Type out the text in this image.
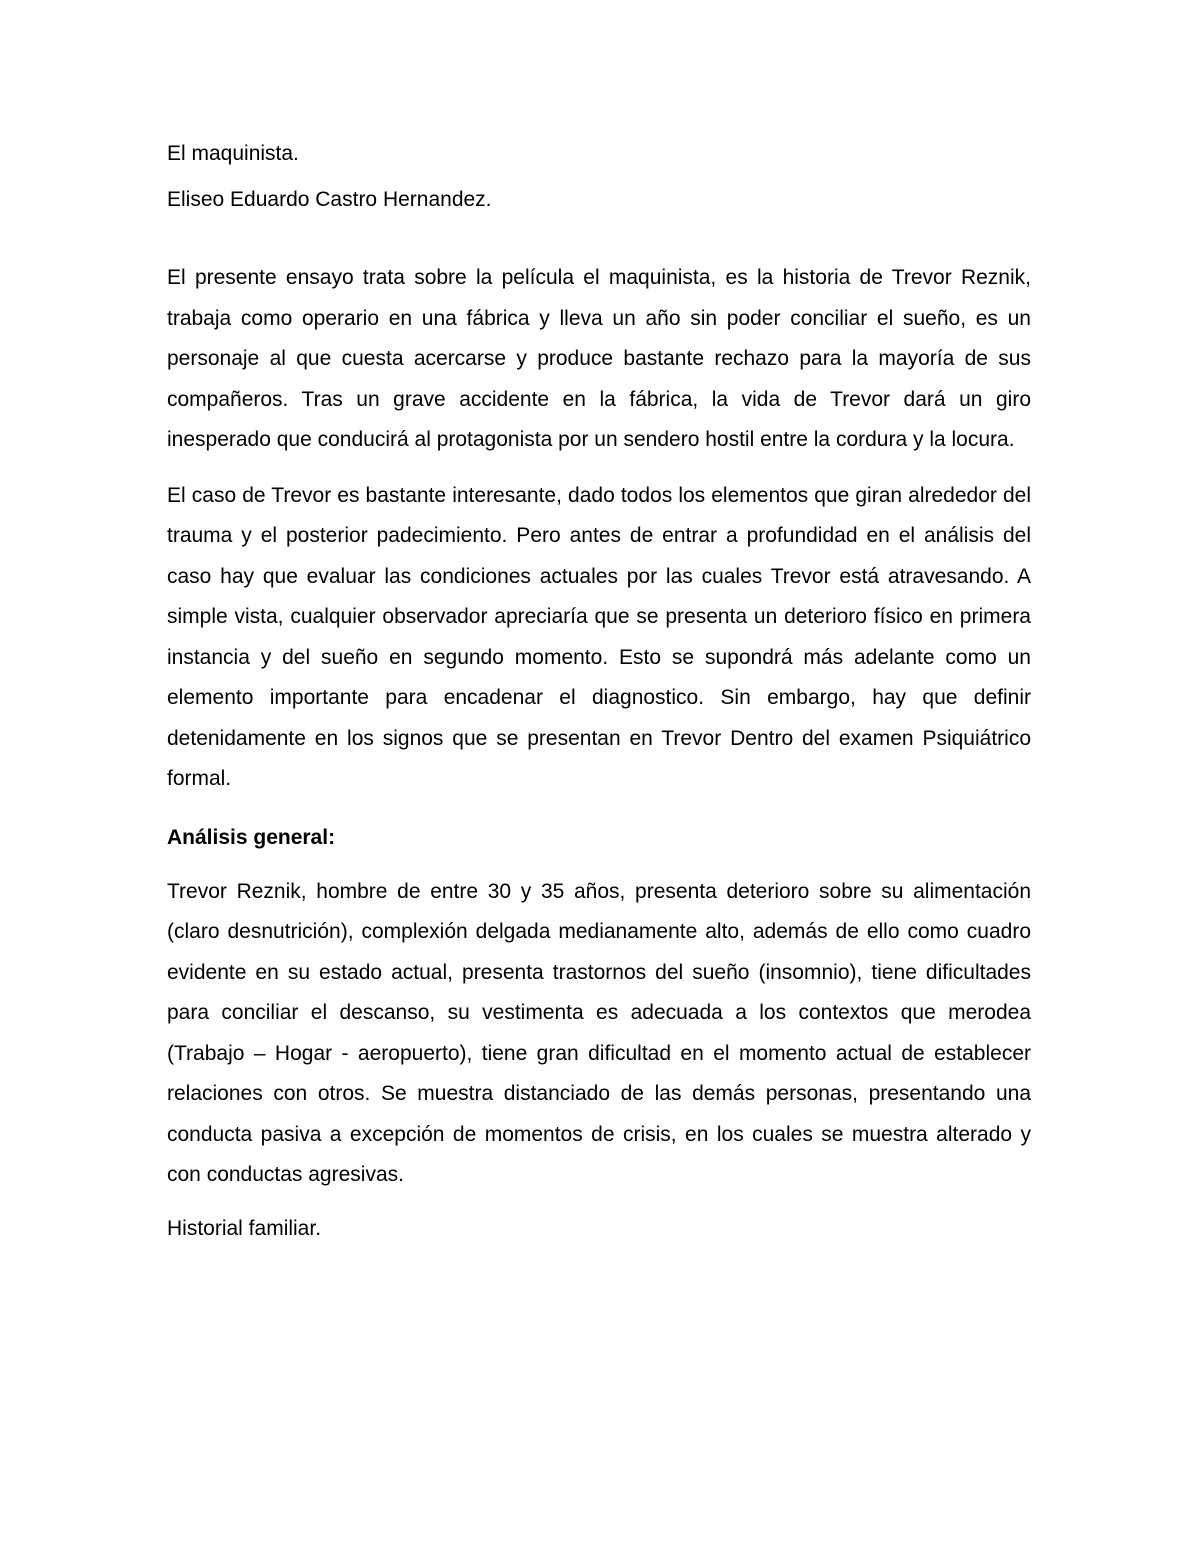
El maquinista.

Eliseo Eduardo Castro Hernandez.

El presente ensayo trata sobre la película el maquinista, es la historia de Trevor Reznik, trabaja como operario en una fábrica y lleva un año sin poder conciliar el sueño, es un personaje al que cuesta acercarse y produce bastante rechazo para la mayoría de sus compañeros. Tras un grave accidente en la fábrica, la vida de Trevor dará un giro inesperado que conducirá al protagonista por un sendero hostil entre la cordura y la locura.

El caso de Trevor es bastante interesante, dado todos los elementos que giran alrededor del trauma y el posterior padecimiento. Pero antes de entrar a profundidad en el análisis del caso hay que evaluar las condiciones actuales por las cuales Trevor está atravesando. A simple vista, cualquier observador apreciaría que se presenta un deterioro físico en primera instancia y del sueño en segundo momento. Esto se supondrá más adelante como un elemento importante para encadenar el diagnostico. Sin embargo, hay que definir detenidamente en los signos que se presentan en Trevor Dentro del examen Psiquiátrico formal.

Análisis general:

Trevor Reznik, hombre de entre 30 y 35 años, presenta deterioro sobre su alimentación (claro desnutrición), complexión delgada medianamente alto, además de ello como cuadro evidente en su estado actual, presenta trastornos del sueño (insomnio), tiene dificultades para conciliar el descanso, su vestimenta es adecuada a los contextos que merodea (Trabajo – Hogar - aeropuerto), tiene gran dificultad en el momento actual de establecer relaciones con otros. Se muestra distanciado de las demás personas, presentando una conducta pasiva a excepción de momentos de crisis, en los cuales se muestra alterado y con conductas agresivas.

Historial familiar.
